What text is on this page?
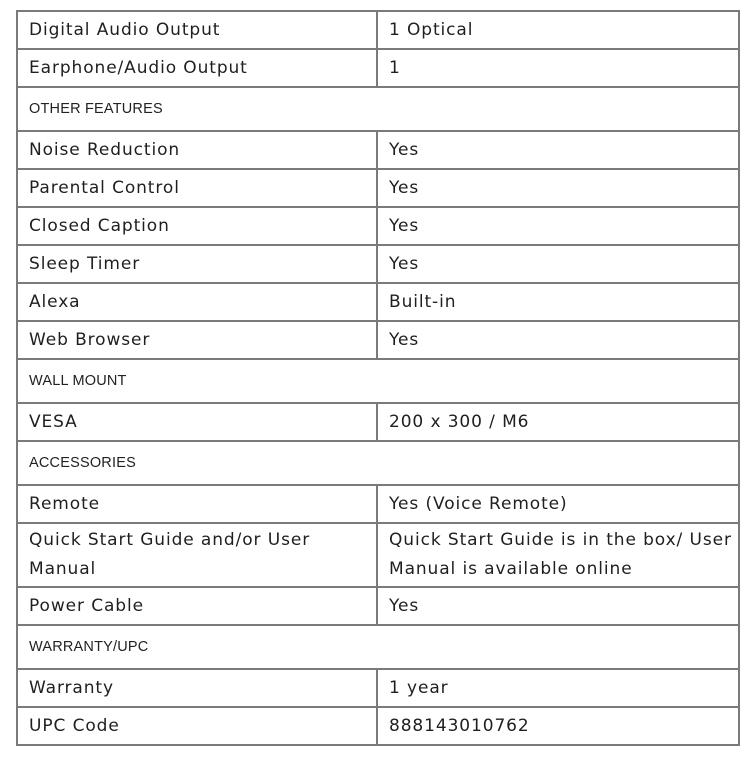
Digital Audio Output	1 Optical
Earphone/Audio Output	1
OTHER FEATURES	
Noise Reduction	Yes
Parental Control	Yes
Closed Caption	Yes
Sleep Timer	Yes
Alexa	Built-in
Web Browser	Yes
WALL MOUNT	
VESA	200 x 300 / M6
ACCESSORIES	
Remote	Yes (Voice Remote)
Quick Start Guide and/or User Manual	Quick Start Guide is in the box/ User Manual is available online
Power Cable	Yes
WARRANTY/UPC	
Warranty	1 year
UPC Code	888143010762
